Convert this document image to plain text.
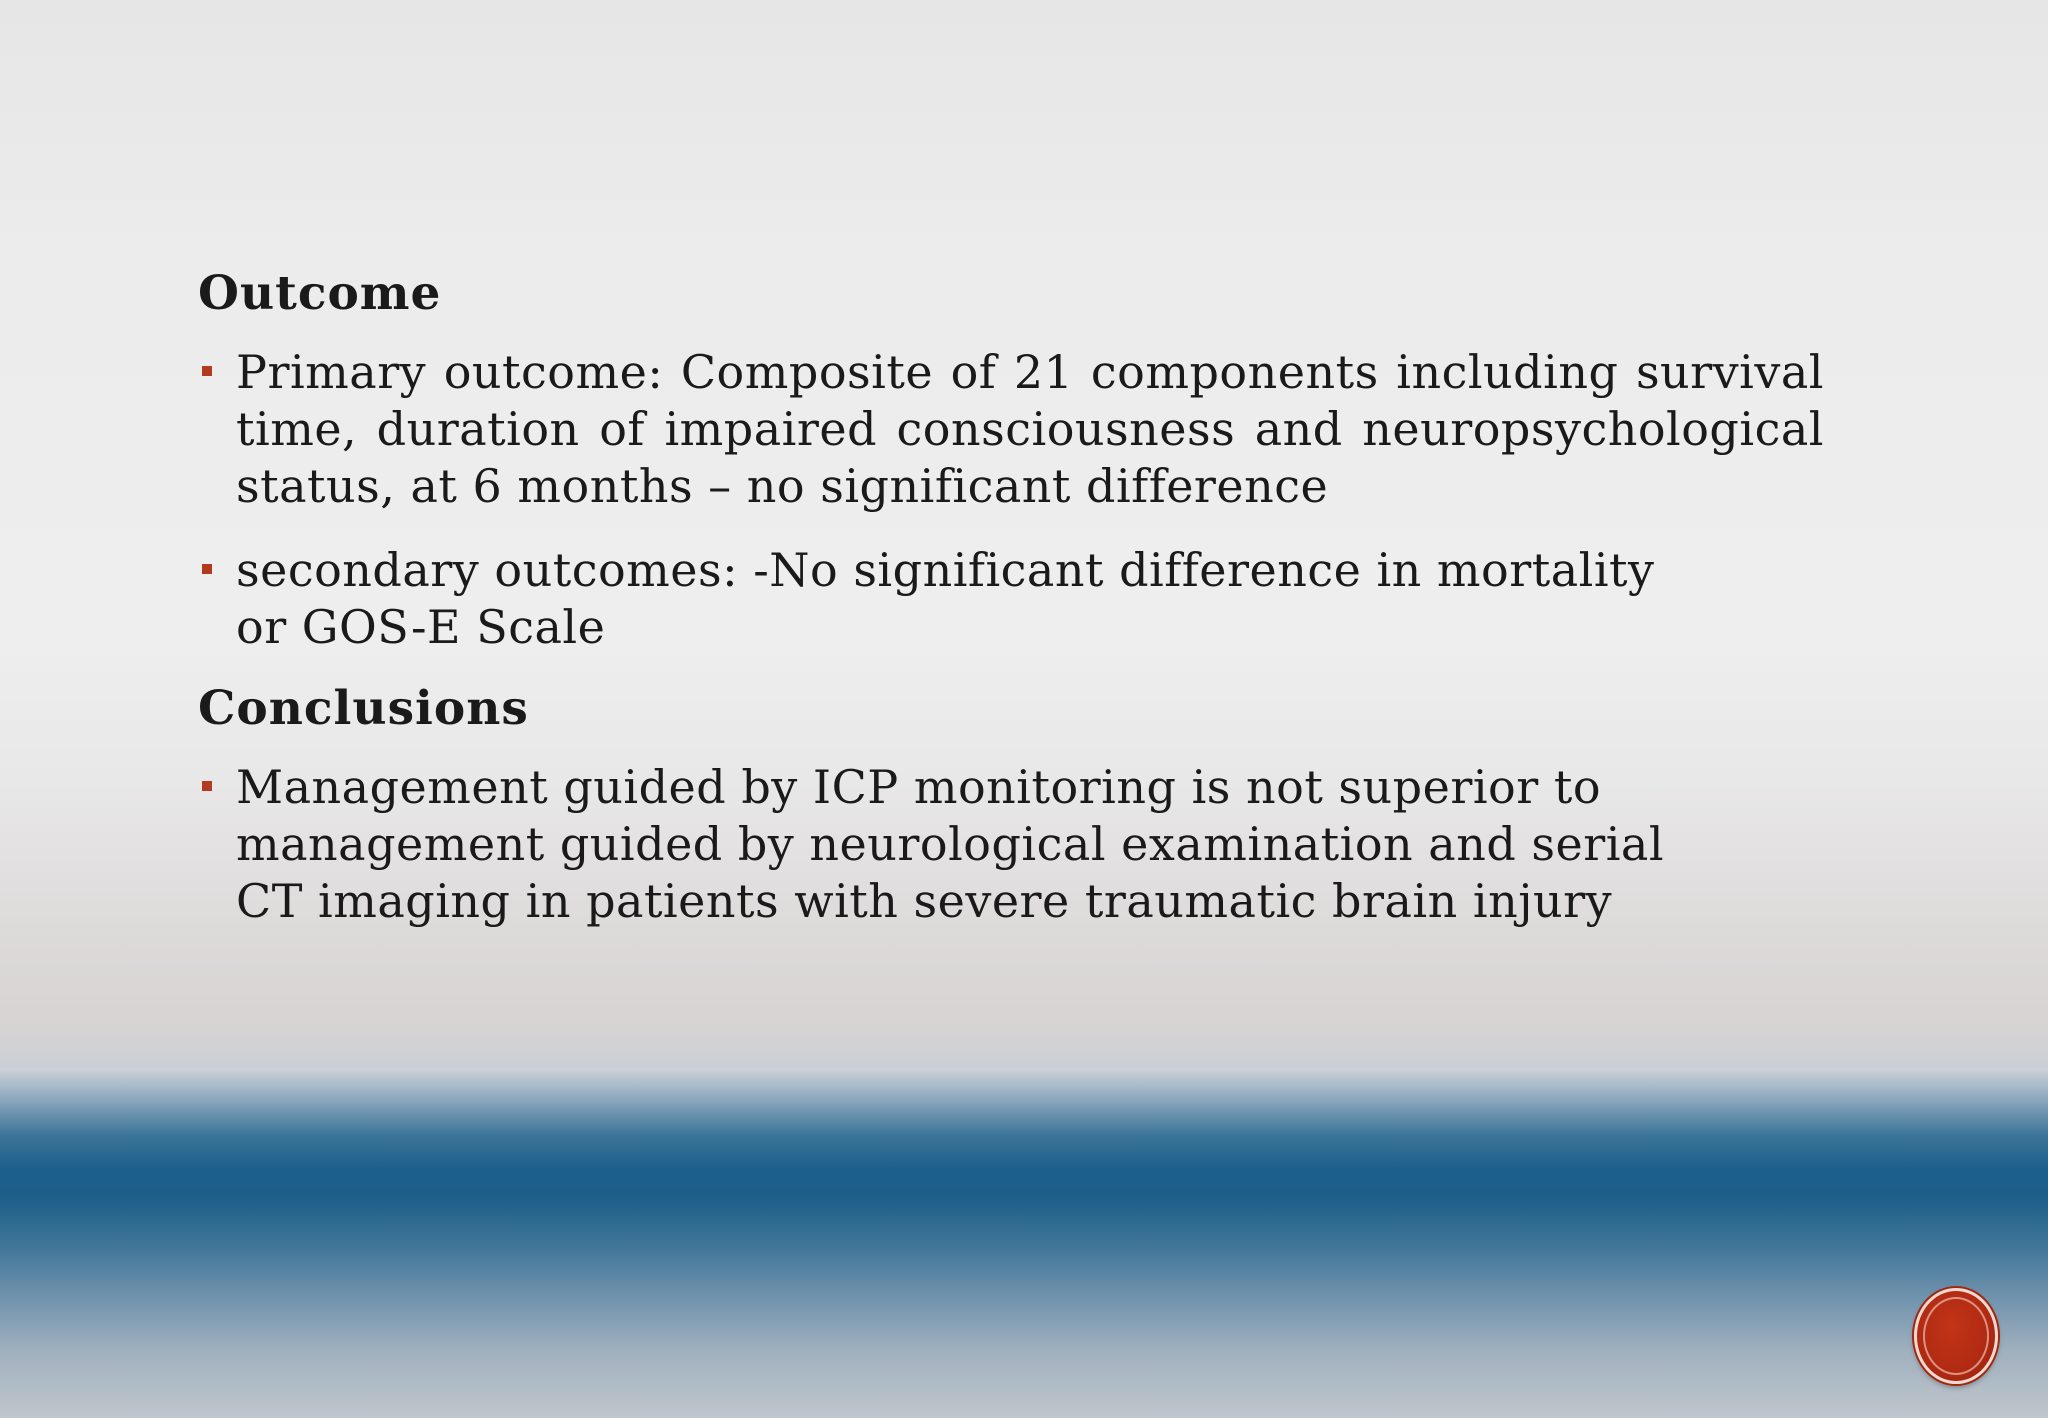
Outcome
Primary outcome: Composite of 21 components including survival time, duration of impaired consciousness and neuropsychological status, at 6 months – no significant difference
secondary outcomes: -No significant difference in mortality or GOS-E Scale
Conclusions
Management guided by ICP monitoring is not superior to management guided by neurological examination and serial CT imaging in patients with severe traumatic brain injury
